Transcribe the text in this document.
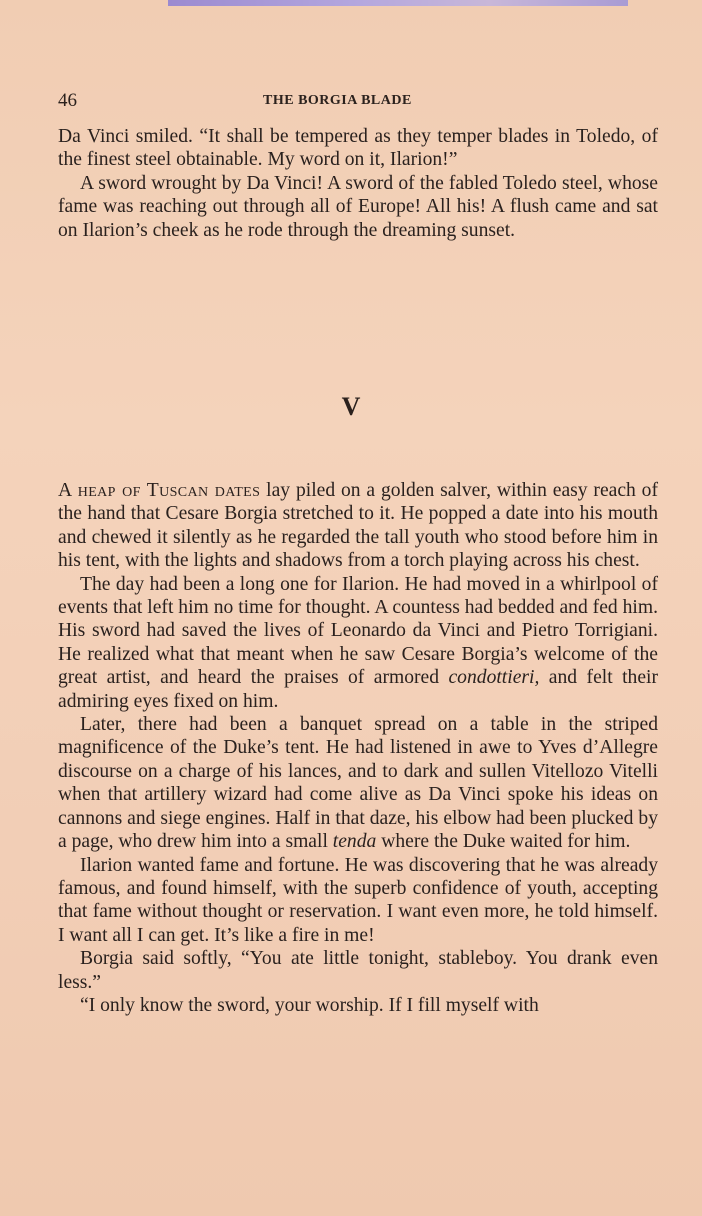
46	THE BORGIA BLADE

Da Vinci smiled. “It shall be tempered as they temper blades in Toledo, of the finest steel obtainable. My word on it, Ilarion!”

A sword wrought by Da Vinci! A sword of the fabled Toledo steel, whose fame was reaching out through all of Europe! All his! A flush came and sat on Ilarion’s cheek as he rode through the dreaming sunset.

V

A heap of Tuscan dates lay piled on a golden salver, within easy reach of the hand that Cesare Borgia stretched to it. He popped a date into his mouth and chewed it silently as he regarded the tall youth who stood before him in his tent, with the lights and shadows from a torch playing across his chest.

The day had been a long one for Ilarion. He had moved in a whirlpool of events that left him no time for thought. A countess had bedded and fed him. His sword had saved the lives of Leonardo da Vinci and Pietro Torrigiani. He realized what that meant when he saw Cesare Borgia’s welcome of the great artist, and heard the praises of armored condottieri, and felt their admiring eyes fixed on him.

Later, there had been a banquet spread on a table in the striped magnificence of the Duke’s tent. He had listened in awe to Yves d’Allegre discourse on a charge of his lances, and to dark and sullen Vitellozo Vitelli when that artillery wizard had come alive as Da Vinci spoke his ideas on cannons and siege engines. Half in that daze, his elbow had been plucked by a page, who drew him into a small tenda where the Duke waited for him.

Ilarion wanted fame and fortune. He was discovering that he was already famous, and found himself, with the superb confidence of youth, accepting that fame without thought or reservation. I want even more, he told himself. I want all I can get. It’s like a fire in me!

Borgia said softly, “You ate little tonight, stableboy. You drank even less.”

“I only know the sword, your worship. If I fill myself with
